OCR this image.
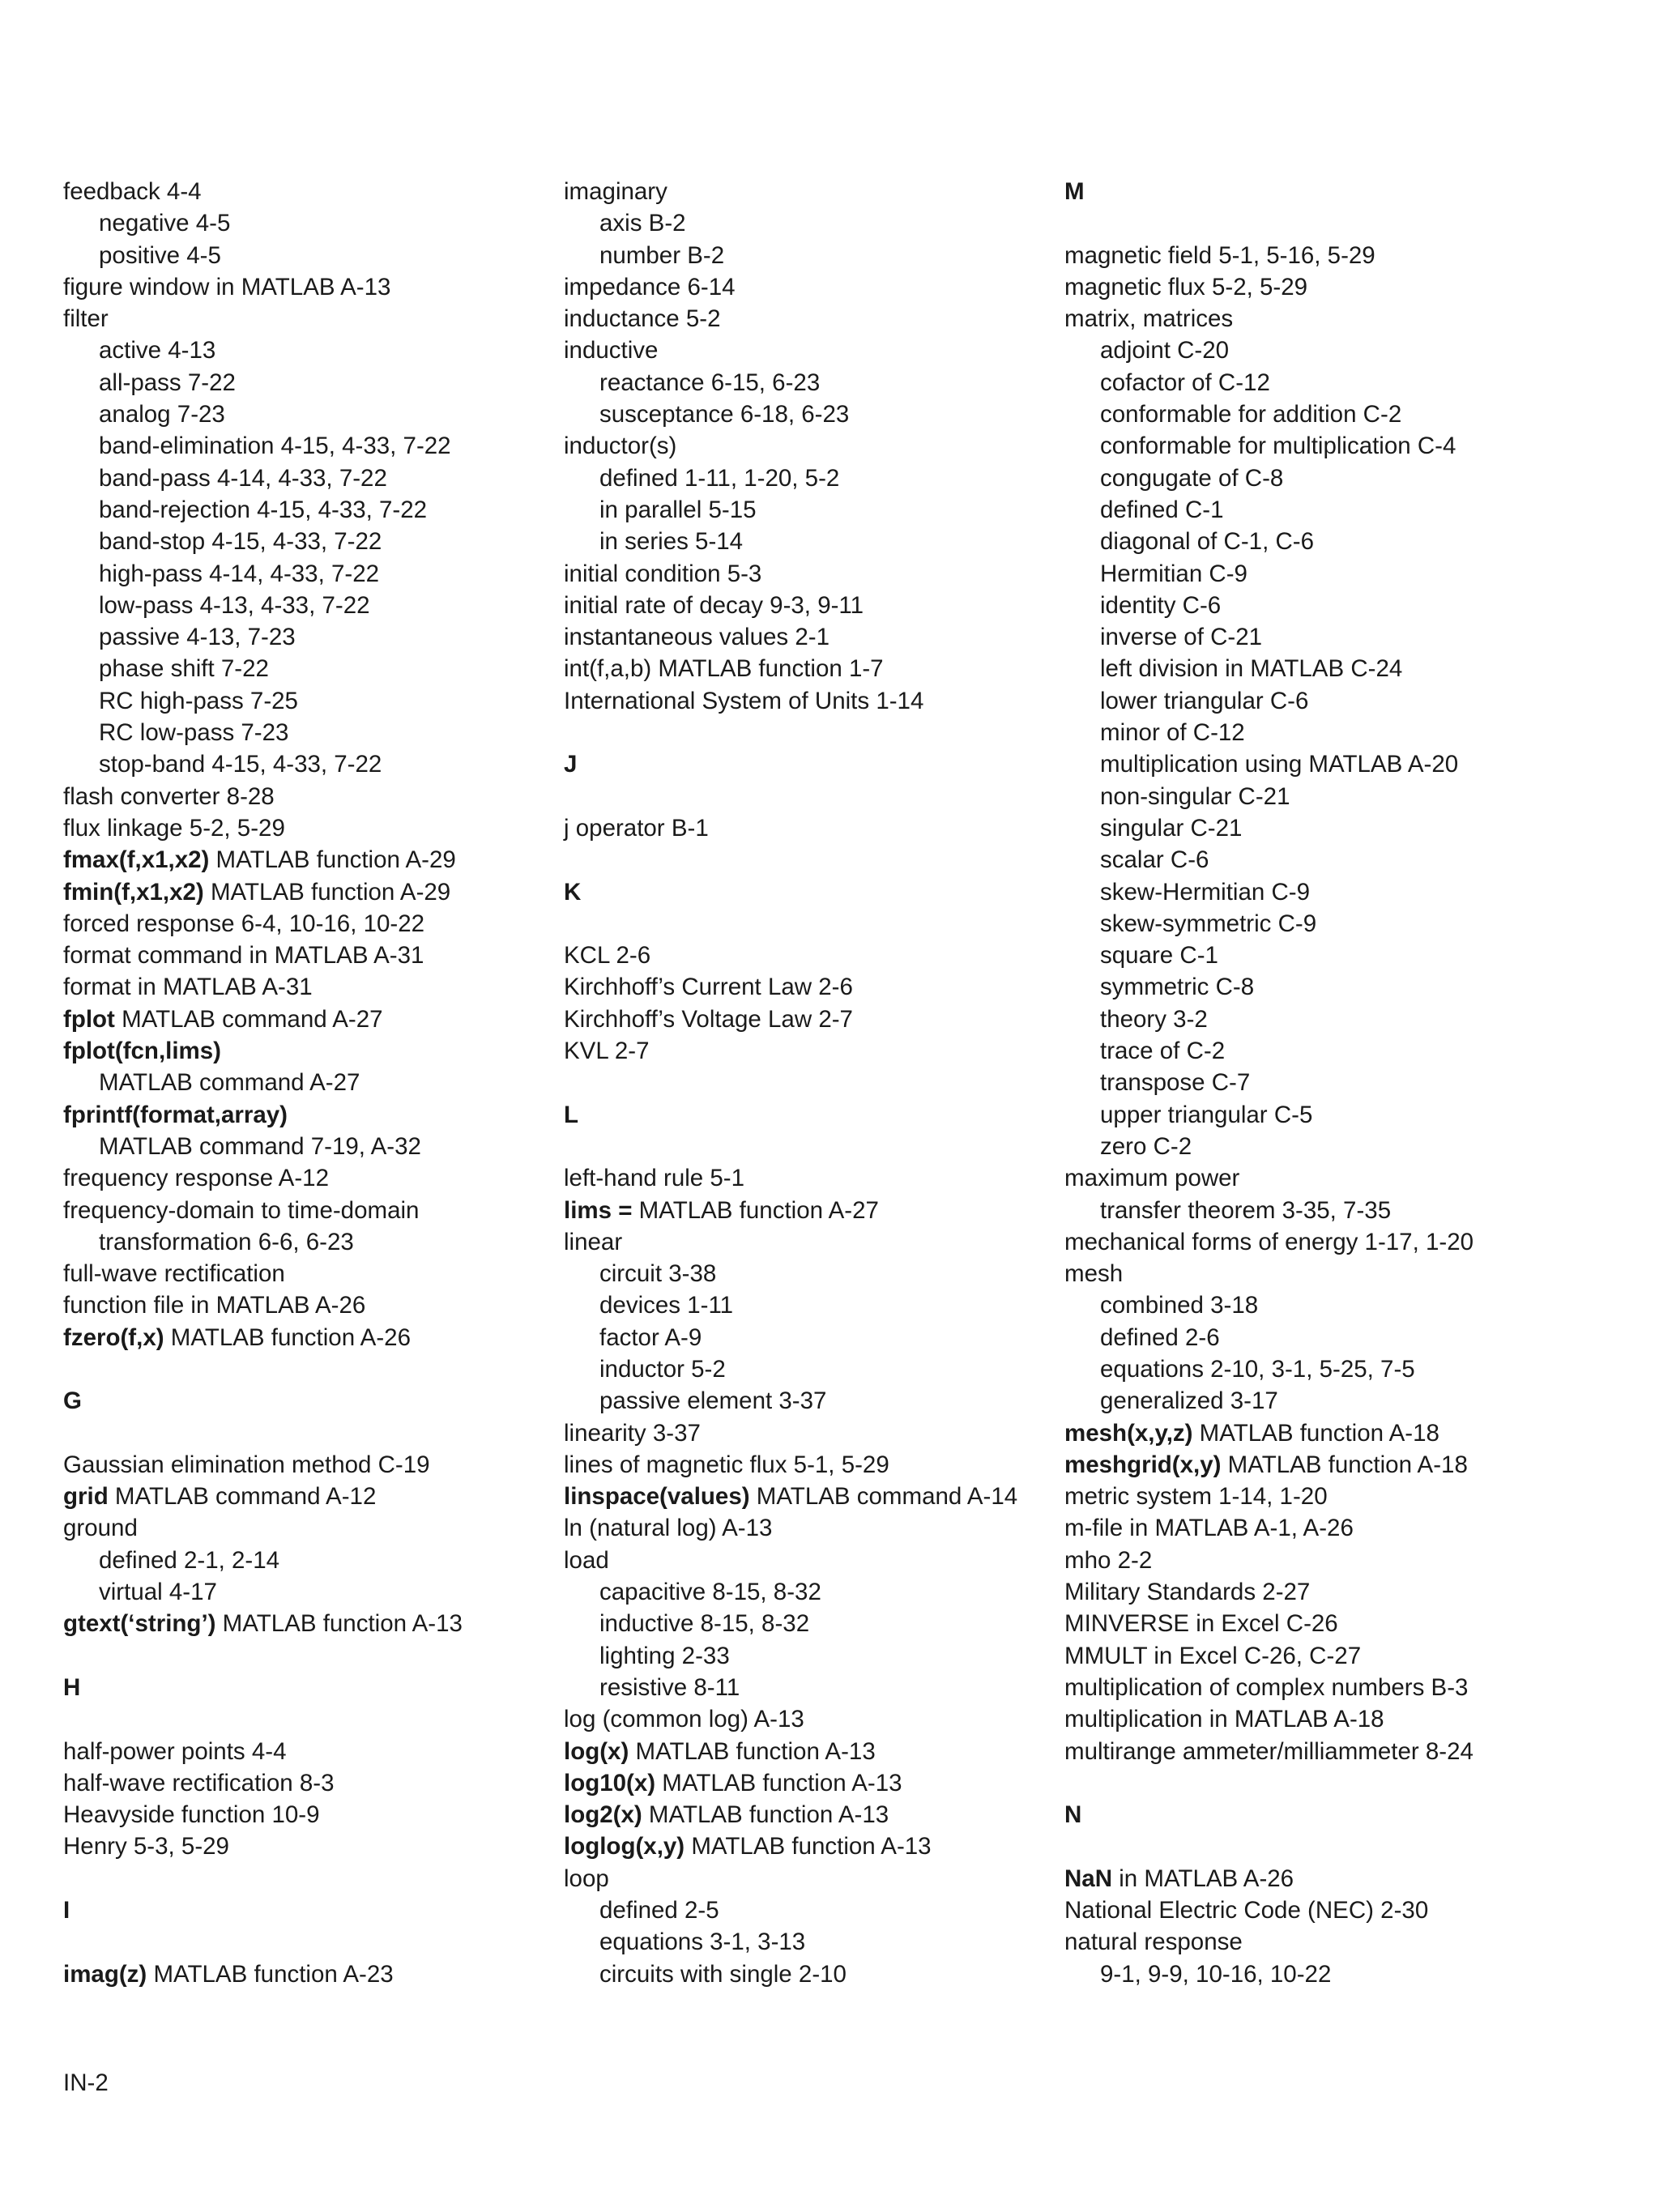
feedback 4-4
negative 4-5
positive 4-5
figure window in MATLAB A-13
filter
active 4-13
all-pass 7-22
analog 7-23
band-elimination 4-15, 4-33, 7-22
band-pass 4-14, 4-33, 7-22
band-rejection 4-15, 4-33, 7-22
band-stop 4-15, 4-33, 7-22
high-pass 4-14, 4-33, 7-22
low-pass 4-13, 4-33, 7-22
passive 4-13, 7-23
phase shift 7-22
RC high-pass 7-25
RC low-pass 7-23
stop-band 4-15, 4-33, 7-22
flash converter 8-28
flux linkage 5-2, 5-29
fmax(f,x1,x2) MATLAB function A-29
fmin(f,x1,x2) MATLAB function A-29
forced response 6-4, 10-16, 10-22
format command in MATLAB A-31
format in MATLAB A-31
fplot MATLAB command A-27
fplot(fcn,lims)
MATLAB command A-27
fprintf(format,array)
MATLAB command 7-19, A-32
frequency response A-12
frequency-domain to time-domain
transformation 6-6, 6-23
full-wave rectification
function file in MATLAB A-26
fzero(f,x) MATLAB function A-26
G
Gaussian elimination method C-19
grid MATLAB command A-12
ground
defined 2-1, 2-14
virtual 4-17
gtext(‘string’) MATLAB function A-13
H
half-power points 4-4
half-wave rectification 8-3
Heavyside function 10-9
Henry 5-3, 5-29
I
imag(z) MATLAB function A-23
imaginary
axis B-2
number B-2
impedance 6-14
inductance 5-2
inductive
reactance 6-15, 6-23
susceptance 6-18, 6-23
inductor(s)
defined 1-11, 1-20, 5-2
in parallel 5-15
in series 5-14
initial condition 5-3
initial rate of decay 9-3, 9-11
instantaneous values 2-1
int(f,a,b) MATLAB function 1-7
International System of Units 1-14
J
j operator B-1
K
KCL 2-6
Kirchhoff’s Current Law 2-6
Kirchhoff’s Voltage Law 2-7
KVL 2-7
L
left-hand rule 5-1
lims = MATLAB function A-27
linear
circuit 3-38
devices 1-11
factor A-9
inductor 5-2
passive element 3-37
linearity 3-37
lines of magnetic flux 5-1, 5-29
linspace(values) MATLAB command A-14
ln (natural log) A-13
load
capacitive 8-15, 8-32
inductive 8-15, 8-32
lighting 2-33
resistive 8-11
log (common log) A-13
log(x) MATLAB function A-13
log10(x) MATLAB function A-13
log2(x) MATLAB function A-13
loglog(x,y) MATLAB function A-13
loop
defined 2-5
equations 3-1, 3-13
circuits with single 2-10
M
magnetic field 5-1, 5-16, 5-29
magnetic flux 5-2, 5-29
matrix, matrices
adjoint C-20
cofactor of C-12
conformable for addition C-2
conformable for multiplication C-4
congugate of C-8
defined C-1
diagonal of C-1, C-6
Hermitian C-9
identity C-6
inverse of C-21
left division in MATLAB C-24
lower triangular C-6
minor of C-12
multiplication using MATLAB A-20
non-singular C-21
singular C-21
scalar C-6
skew-Hermitian C-9
skew-symmetric C-9
square C-1
symmetric C-8
theory 3-2
trace of C-2
transpose C-7
upper triangular C-5
zero C-2
maximum power
transfer theorem 3-35, 7-35
mechanical forms of energy 1-17, 1-20
mesh
combined 3-18
defined 2-6
equations 2-10, 3-1, 5-25, 7-5
generalized 3-17
mesh(x,y,z) MATLAB function A-18
meshgrid(x,y) MATLAB function A-18
metric system 1-14, 1-20
m-file in MATLAB A-1, A-26
mho 2-2
Military Standards 2-27
MINVERSE in Excel C-26
MMULT in Excel C-26, C-27
multiplication of complex numbers B-3
multiplication in MATLAB A-18
multirange ammeter/milliammeter 8-24
N
NaN in MATLAB A-26
National Electric Code (NEC) 2-30
natural response
9-1, 9-9, 10-16, 10-22
IN-2
